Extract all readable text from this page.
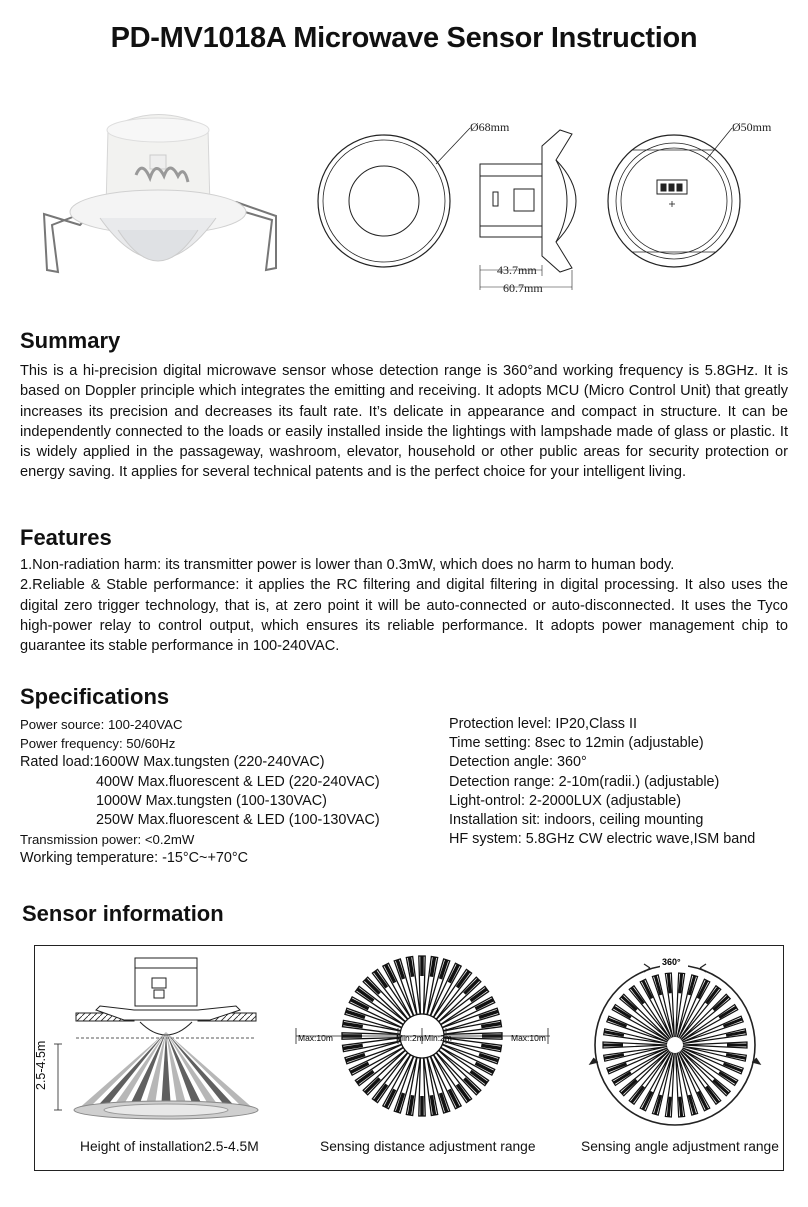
PD-MV1018A Microwave Sensor Instruction
Ø68mm
43.7mm
60.7mm
Ø50mm
Summary

This is a hi-precision digital microwave sensor whose detection range is 360°and working frequency is 5.8GHz. It is based on Doppler principle which integrates the emitting and receiving. It adopts MCU (Micro Control Unit) that greatly increases its precision and decreases its fault rate. It’s delicate in appearance and compact in structure. It can be independently connected to the loads or easily installed inside the lightings with lampshade made of glass or plastic. It is widely applied in the passageway, washroom, elevator, household or other public areas for security protection or energy saving. It applies for several technical patents and is the perfect choice for your intelligent living.

Features

1.Non-radiation harm: its transmitter power is lower than 0.3mW, which does no harm to human body.

2.Reliable & Stable performance: it applies the RC filtering and digital filtering in digital processing. It also uses the digital zero trigger technology, that is, at zero point it will be auto-connected or auto-disconnected. It uses the Tyco high-power relay to control output, which ensures its reliable performance. It adopts power management chip to guarantee its stable performance in 100-240VAC.

Specifications
Power source: 100-240VAC
Power frequency: 50/60Hz
Rated load:1600W Max.tungsten (220-240VAC)
400W Max.fluorescent & LED (220-240VAC)
1000W Max.tungsten (100-130VAC)
250W Max.fluorescent & LED (100-130VAC)
Transmission power: <0.2mW
Working temperature: -15°C~+70°C
Protection level: IP20,Class II
Time setting: 8sec to 12min (adjustable)
Detection angle: 360°
Detection range: 2-10m(radii.) (adjustable)
Light-ontrol: 2-2000LUX (adjustable)
Installation sit: indoors, ceiling mounting
HF system: 5.8GHz CW electric wave,ISM band
Sensor information
2.5-4.5m
Max:10m	Min:2m Min:2m	Max:10m
360°
Height of installation2.5-4.5M	Sensing distance adjustment range	Sensing angle adjustment range
